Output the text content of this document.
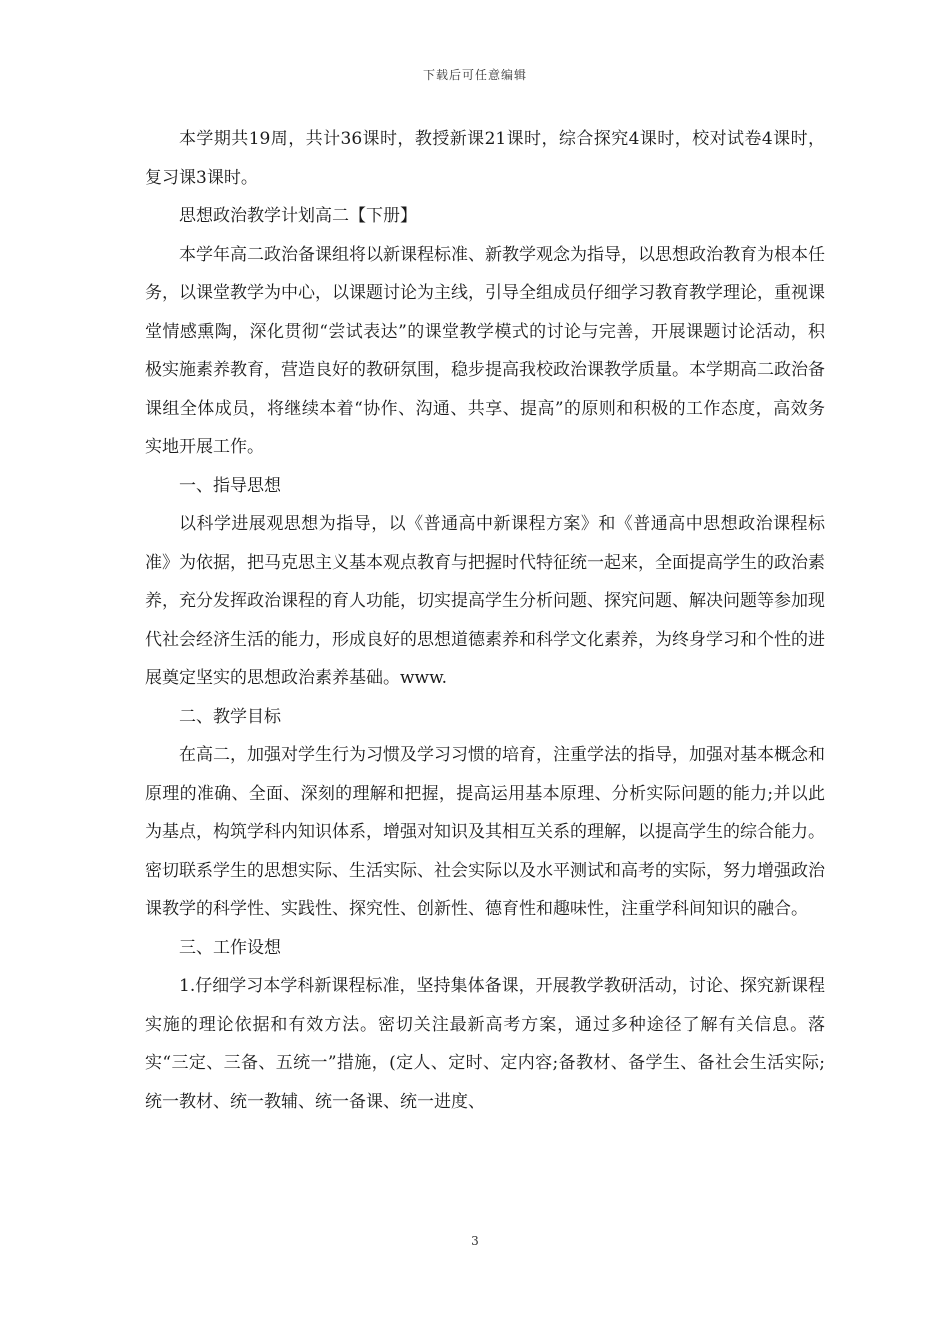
下载后可任意编辑

本学期共19周，共计36课时，教授新课21课时，综合探究4课时，校对试卷4课时，复习课3课时。

思想政治教学计划高二【下册】

本学年高二政治备课组将以新课程标准、新教学观念为指导，以思想政治教育为根本任务，以课堂教学为中心，以课题讨论为主线，引导全组成员仔细学习教育教学理论，重视课堂情感熏陶，深化贯彻“尝试表达”的课堂教学模式的讨论与完善，开展课题讨论活动，积极实施素养教育，营造良好的教研氛围，稳步提高我校政治课教学质量。本学期高二政治备课组全体成员，将继续本着“协作、沟通、共享、提高”的原则和积极的工作态度，高效务实地开展工作。

一、指导思想

以科学进展观思想为指导，以《普通高中新课程方案》和《普通高中思想政治课程标准》为依据，把马克思主义基本观点教育与把握时代特征统一起来，全面提高学生的政治素养，充分发挥政治课程的育人功能，切实提高学生分析问题、探究问题、解决问题等参加现代社会经济生活的能力，形成良好的思想道德素养和科学文化素养，为终身学习和个性的进展奠定坚实的思想政治素养基础。www.

二、教学目标

在高二，加强对学生行为习惯及学习习惯的培育，注重学法的指导，加强对基本概念和原理的准确、全面、深刻的理解和把握，提高运用基本原理、分析实际问题的能力;并以此为基点，构筑学科内知识体系，增强对知识及其相互关系的理解，以提高学生的综合能力。密切联系学生的思想实际、生活实际、社会实际以及水平测试和高考的实际，努力增强政治课教学的科学性、实践性、探究性、创新性、德育性和趣味性，注重学科间知识的融合。

三、工作设想

1.仔细学习本学科新课程标准，坚持集体备课，开展教学教研活动，讨论、探究新课程实施的理论依据和有效方法。密切关注最新高考方案，通过多种途径了解有关信息。落实“三定、三备、五统一”措施，(定人、定时、定内容;备教材、备学生、备社会生活实际;统一教材、统一教辅、统一备课、统一进度、

3
